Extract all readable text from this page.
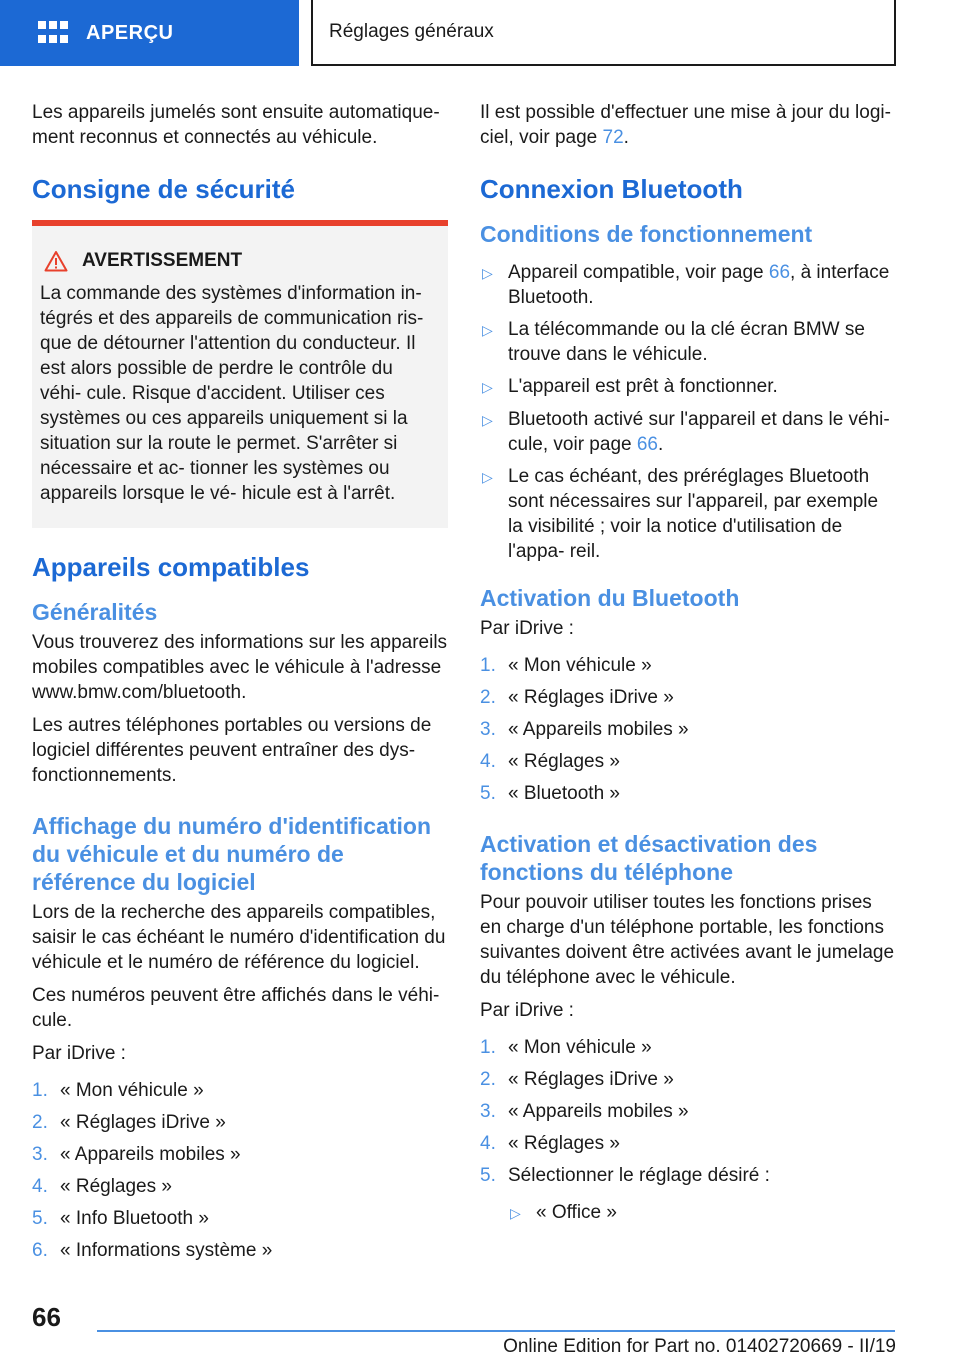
APERÇU	Réglages généraux

Les appareils jumelés sont ensuite automatique- ment reconnus et connectés au véhicule.

Consigne de sécurité
AVERTISSEMENT
La commande des systèmes d'information in- tégrés et des appareils de communication ris- que de détourner l'attention du conducteur. Il est alors possible de perdre le contrôle du véhi- cule. Risque d'accident. Utiliser ces systèmes ou ces appareils uniquement si la situation sur la route le permet. S'arrêter si nécessaire et ac- tionner les systèmes ou appareils lorsque le vé- hicule est à l'arrêt.
Appareils compatibles
Généralités

Vous trouverez des informations sur les appareils mobiles compatibles avec le véhicule à l'adresse www.bmw.com/bluetooth.

Les autres téléphones portables ou versions de logiciel différentes peuvent entraîner des dys- fonctionnements.

Affichage du numéro d'identification du véhicule et du numéro de référence du logiciel

Lors de la recherche des appareils compatibles, saisir le cas échéant le numéro d'identification du véhicule et le numéro de référence du logiciel.

Ces numéros peuvent être affichés dans le véhi- cule.

Par iDrive :

1. « Mon véhicule »
2. « Réglages iDrive »
3. « Appareils mobiles »
4. « Réglages »
5. « Info Bluetooth »
6. « Informations système »

Il est possible d'effectuer une mise à jour du logi- ciel, voir page 72.

Connexion Bluetooth
Conditions de fonctionnement
▷ Appareil compatible, voir page 66, à interface Bluetooth.
▷ La télécommande ou la clé écran BMW se trouve dans le véhicule.
▷ L'appareil est prêt à fonctionner.
▷ Bluetooth activé sur l'appareil et dans le véhi- cule, voir page 66.
▷ Le cas échéant, des préréglages Bluetooth sont nécessaires sur l'appareil, par exemple la visibilité ; voir la notice d'utilisation de l'appa- reil.
Activation du Bluetooth

Par iDrive :

1. « Mon véhicule »
2. « Réglages iDrive »
3. « Appareils mobiles »
4. « Réglages »
5. « Bluetooth »
Activation et désactivation des fonctions du téléphone

Pour pouvoir utiliser toutes les fonctions prises en charge d'un téléphone portable, les fonctions suivantes doivent être activées avant le jumelage du téléphone avec le véhicule.

Par iDrive :

1. « Mon véhicule »
2. « Réglages iDrive »
3. « Appareils mobiles »
4. « Réglages »
5. Sélectionner le réglage désiré :
▷ « Office »
66
Online Edition for Part no. 01402720669 - II/19
